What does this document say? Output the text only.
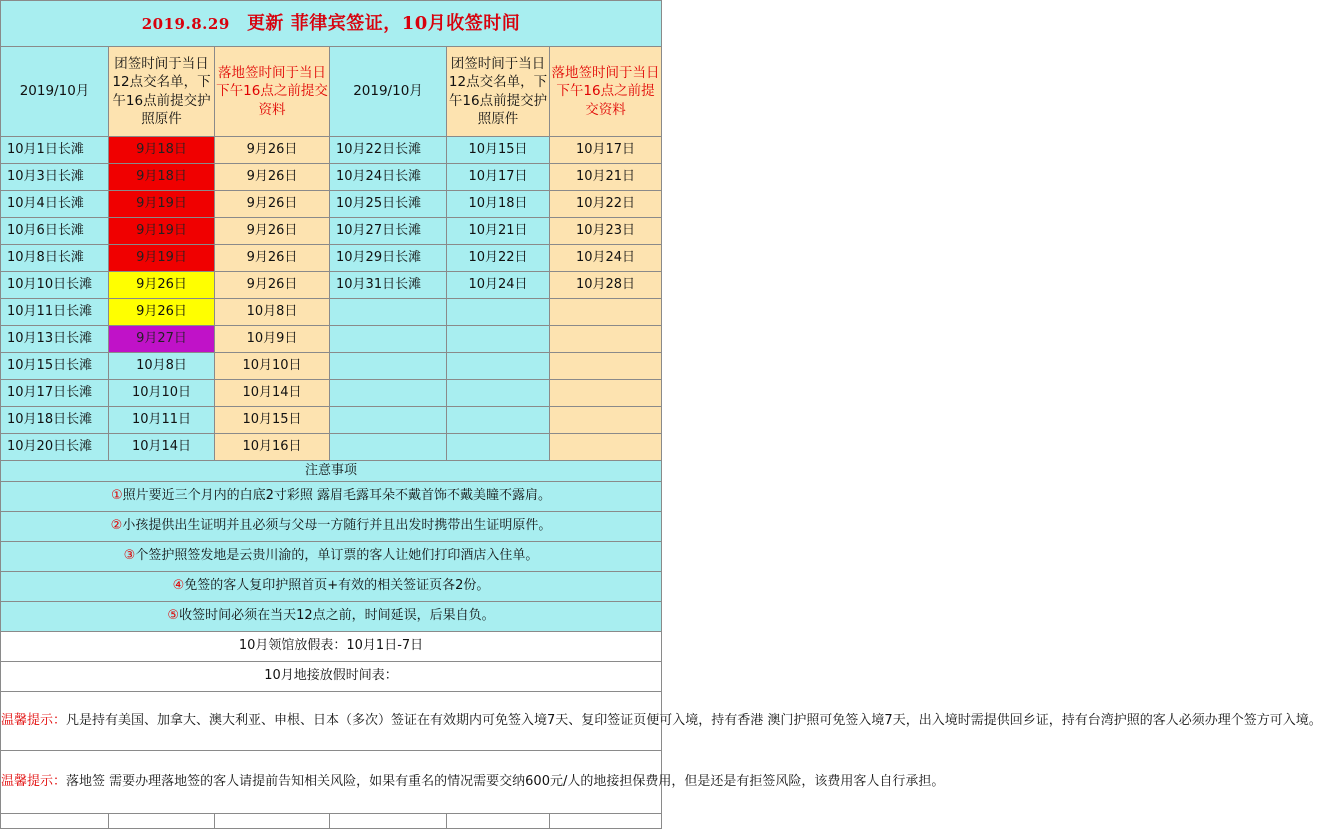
2019.8.29 更新 菲律宾签证，10月收签时间					
2019/10月	团签时间于当日12点交名单，下午16点前提交护照原件	落地签时间于当日下午16点之前提交资料	2019/10月	团签时间于当日12点交名单，下午16点前提交护照原件	落地签时间于当日下午16点之前提交资料
10月1日长滩	9月18日	9月26日	10月22日长滩	10月15日	10月17日
10月3日长滩	9月18日	9月26日	10月24日长滩	10月17日	10月21日
10月4日长滩	9月19日	9月26日	10月25日长滩	10月18日	10月22日
10月6日长滩	9月19日	9月26日	10月27日长滩	10月21日	10月23日
10月8日长滩	9月19日	9月26日	10月29日长滩	10月22日	10月24日
10月10日长滩	9月26日	9月26日	10月31日长滩	10月24日	10月28日
10月11日长滩	9月26日	10月8日			
10月13日长滩	9月27日	10月9日			
10月15日长滩	10月8日	10月10日			
10月17日长滩	10月10日	10月14日			
10月18日长滩	10月11日	10月15日			
10月20日长滩	10月14日	10月16日			
注意事项					
①照片要近三个月内的白底2寸彩照 露眉毛露耳朵不戴首饰不戴美瞳不露肩。					
②小孩提供出生证明并且必须与父母一方随行并且出发时携带出生证明原件。					
③个签护照签发地是云贵川渝的，单订票的客人让她们打印酒店入住单。					
④免签的客人复印护照首页+有效的相关签证页各2份。					
⑤收签时间必须在当天12点之前，时间延误，后果自负。					
10月领馆放假表：10月1日-7日					
10月地接放假时间表：					
温馨提示：凡是持有美国、加拿大、澳大利亚、申根、日本（多次）签证在有效期内可免签入境7天、复印签证页便可入境，持有香港 澳门护照可免签入境7天，出入境时需提供回乡证，持有台湾护照的客人必须办理个签方可入境。					
温馨提示：落地签 需要办理落地签的客人请提前告知相关风险，如果有重名的情况需要交纳600元/人的地接担保费用，但是还是有拒签风险，该费用客人自行承担。					
